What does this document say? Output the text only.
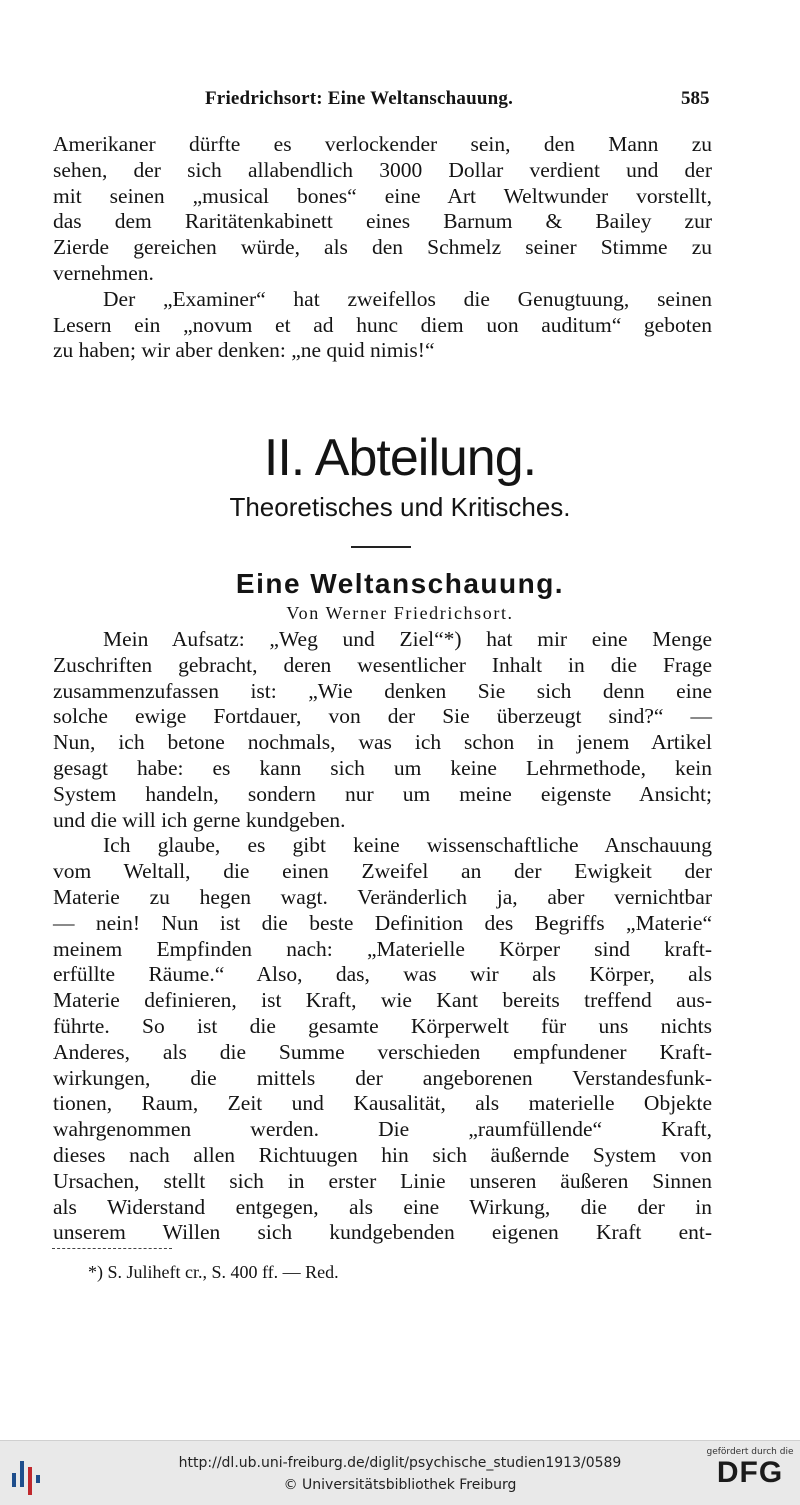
Friedrichsort: Eine Weltanschauung.	585
Amerikaner dürfte es verlockender sein, den Mann zu
sehen, der sich allabendlich 3000 Dollar verdient und der
mit seinen „musical bones“ eine Art Weltwunder vorstellt,
das dem Raritätenkabinett eines Barnum & Bailey zur
Zierde gereichen würde, als den Schmelz seiner Stimme zu
vernehmen.
Der „Examiner“ hat zweifellos die Genugtuung, seinen
Lesern ein „novum et ad hunc diem uon auditum“ geboten
zu haben; wir aber denken: „ne quid nimis!“
II. Abteilung.
Theoretisches und Kritisches.
Eine Weltanschauung.
Von Werner Friedrichsort.
Mein Aufsatz: „Weg und Ziel“*) hat mir eine Menge
Zuschriften gebracht, deren wesentlicher Inhalt in die Frage
zusammenzufassen ist: „Wie denken Sie sich denn eine
solche ewige Fortdauer, von der Sie überzeugt sind?“ —
Nun, ich betone nochmals, was ich schon in jenem Artikel
gesagt habe: es kann sich um keine Lehrmethode, kein
System handeln, sondern nur um meine eigenste Ansicht;
und die will ich gerne kundgeben.
Ich glaube, es gibt keine wissenschaftliche Anschauung
vom Weltall, die einen Zweifel an der Ewigkeit der
Materie zu hegen wagt. Veränderlich ja, aber vernichtbar
— nein! Nun ist die beste Definition des Begriffs „Materie“
meinem Empfinden nach: „Materielle Körper sind kraft-
erfüllte Räume.“ Also, das, was wir als Körper, als
Materie definieren, ist Kraft, wie Kant bereits treffend aus-
führte. So ist die gesamte Körperwelt für uns nichts
Anderes, als die Summe verschieden empfundener Kraft-
wirkungen, die mittels der angeborenen Verstandesfunk-
tionen, Raum, Zeit und Kausalität, als materielle Objekte
wahrgenommen werden. Die „raumfüllende“ Kraft,
dieses nach allen Richtuugen hin sich äußernde System von
Ursachen, stellt sich in erster Linie unseren äußeren Sinnen
als Widerstand entgegen, als eine Wirkung, die der in
unserem Willen sich kundgebenden eigenen Kraft ent-
*) S. Juliheft cr., S. 400 ff. — Red.
http://dl.ub.uni-freiburg.de/diglit/psychische_studien1913/0589
© Universitätsbibliothek Freiburg
gefördert durch die
DFG
